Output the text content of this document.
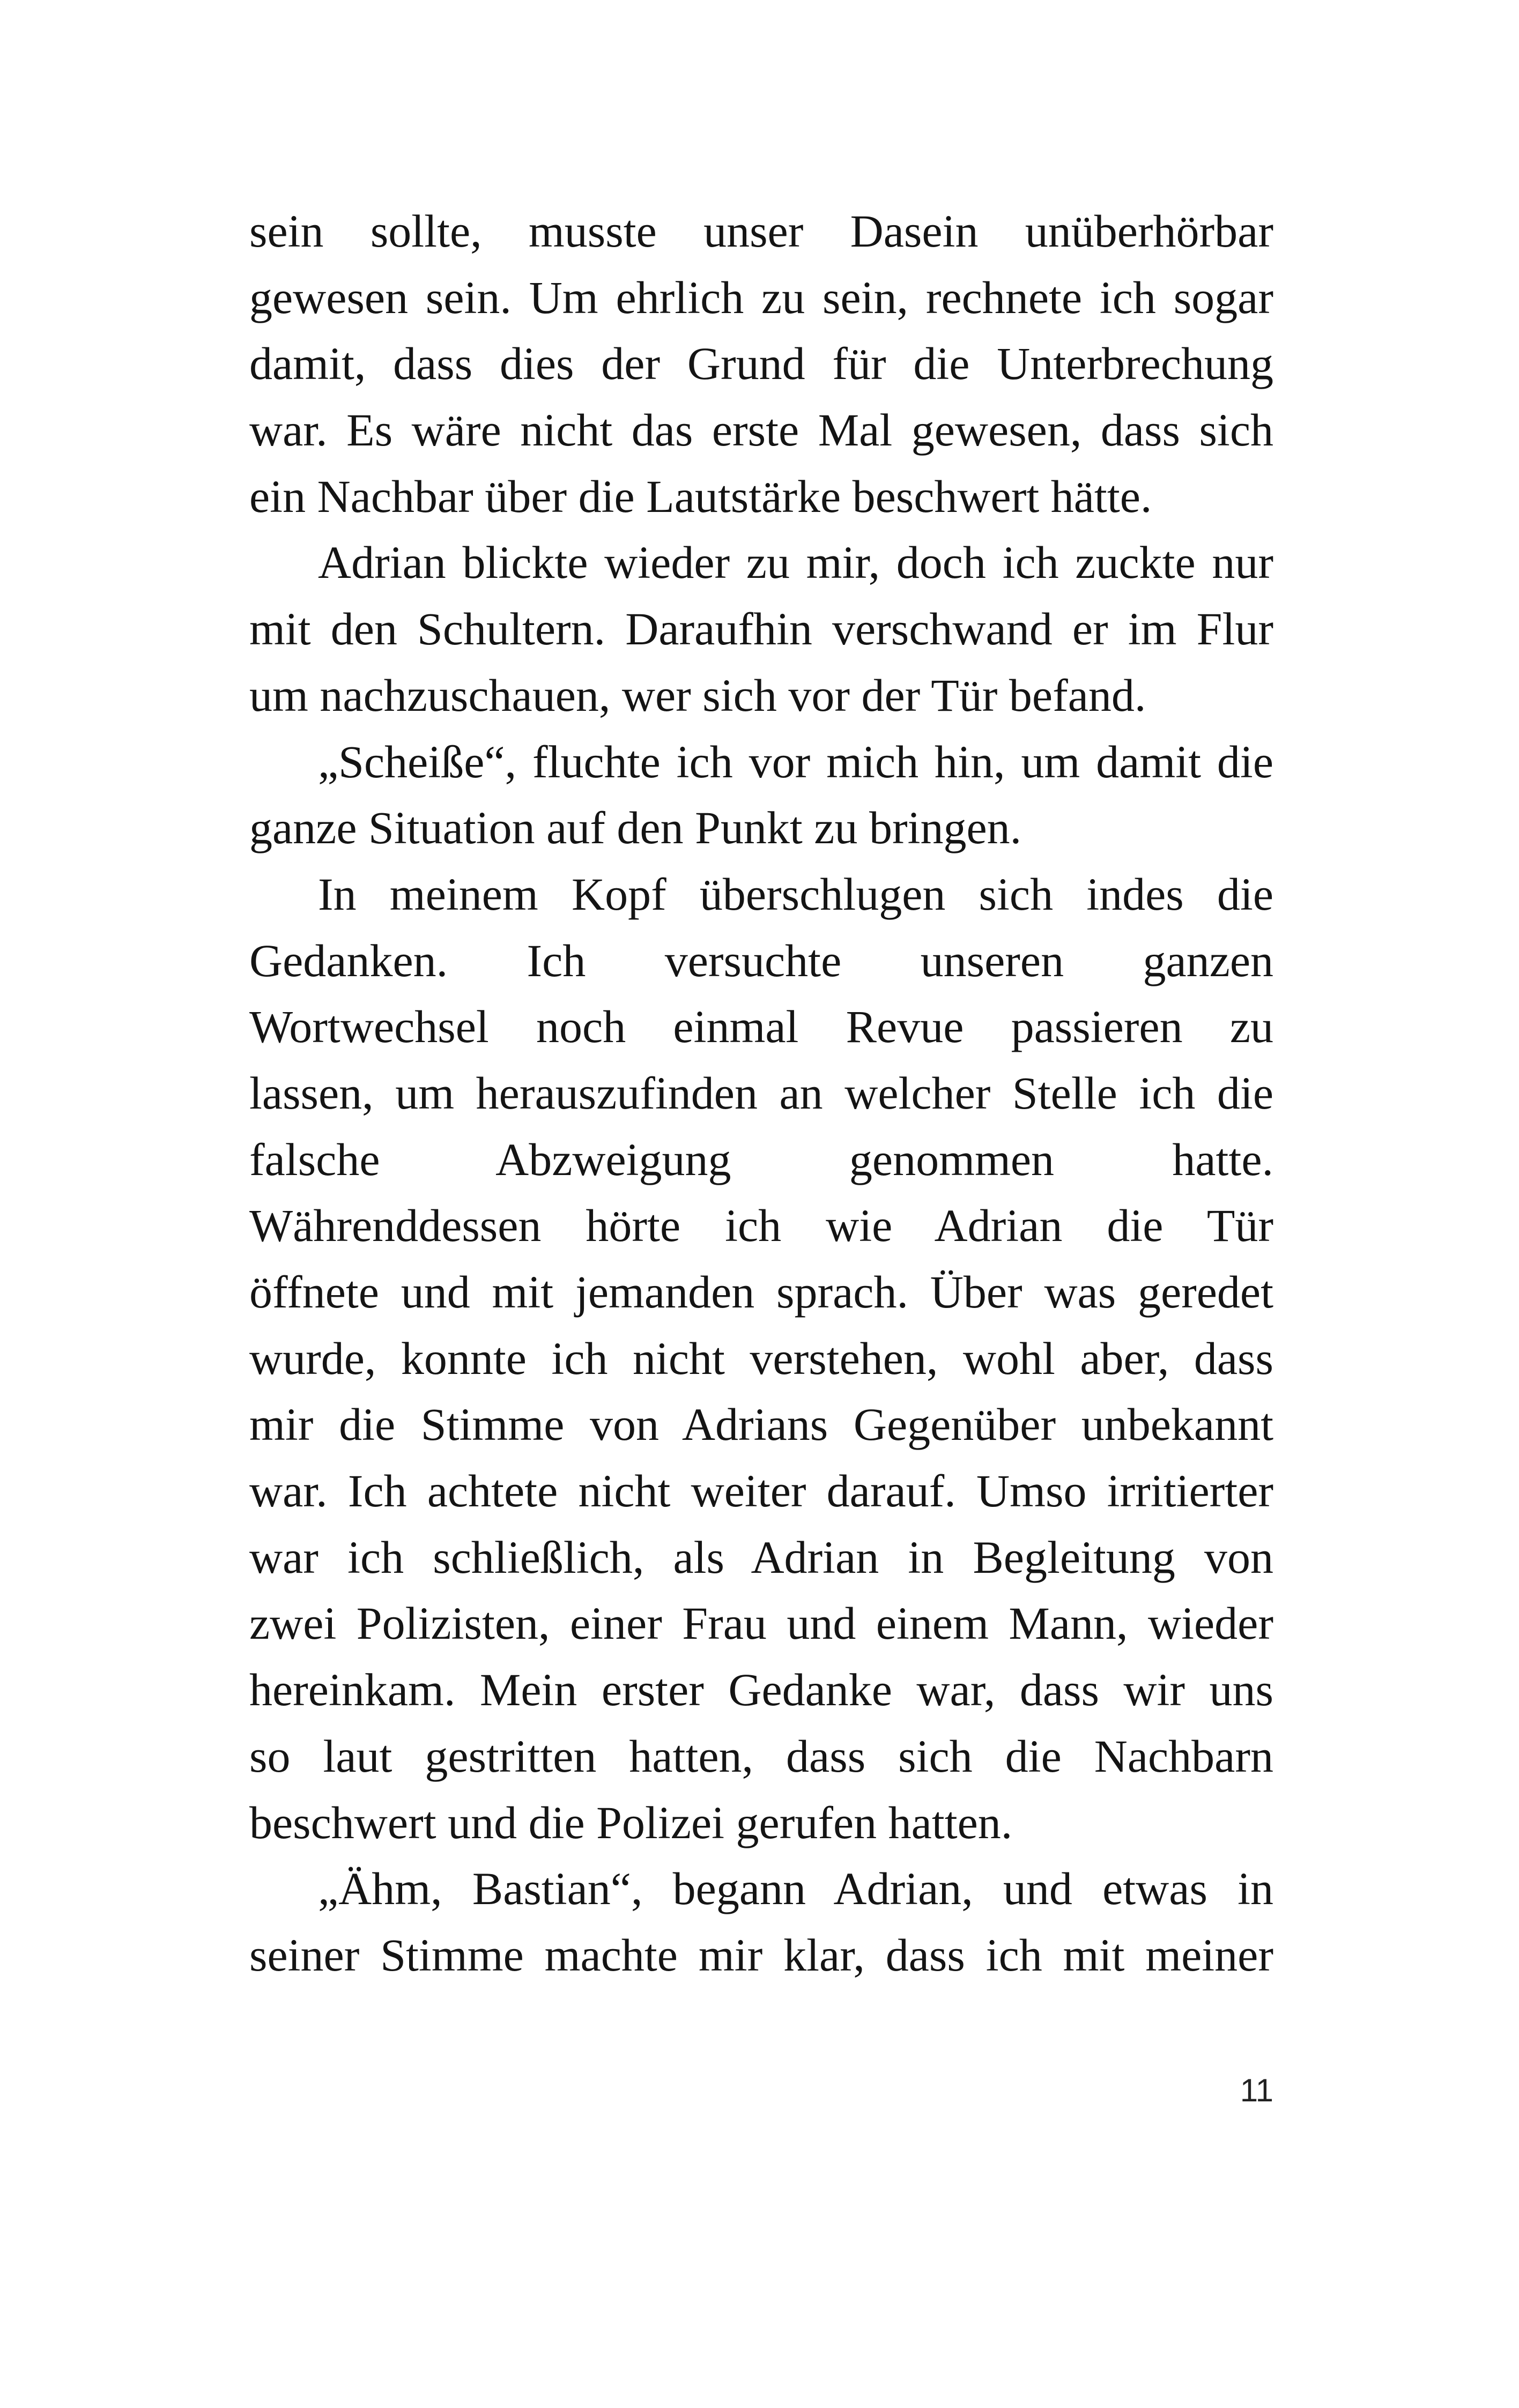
sein sollte, musste unser Dasein unüberhörbar
gewesen sein. Um ehrlich zu sein, rechnete ich sogar
damit, dass dies der Grund für die Unterbrechung
war. Es wäre nicht das erste Mal gewesen, dass sich
ein Nachbar über die Lautstärke beschwert hätte.
Adrian blickte wieder zu mir, doch ich zuckte nur
mit den Schultern. Daraufhin verschwand er im Flur
um nachzuschauen, wer sich vor der Tür befand.
„Scheiße“, fluchte ich vor mich hin, um damit die
ganze Situation auf den Punkt zu bringen.
In meinem Kopf überschlugen sich indes die
Gedanken. Ich versuchte unseren ganzen
Wortwechsel noch einmal Revue passieren zu
lassen, um herauszufinden an welcher Stelle ich die
falsche Abzweigung genommen hatte.
Währenddessen hörte ich wie Adrian die Tür
öffnete und mit jemanden sprach. Über was geredet
wurde, konnte ich nicht verstehen, wohl aber, dass
mir die Stimme von Adrians Gegenüber unbekannt
war. Ich achtete nicht weiter darauf. Umso irritierter
war ich schließlich, als Adrian in Begleitung von
zwei Polizisten, einer Frau und einem Mann, wieder
hereinkam. Mein erster Gedanke war, dass wir uns
so laut gestritten hatten, dass sich die Nachbarn
beschwert und die Polizei gerufen hatten.
„Ähm, Bastian“, begann Adrian, und etwas in
seiner Stimme machte mir klar, dass ich mit meiner
11
